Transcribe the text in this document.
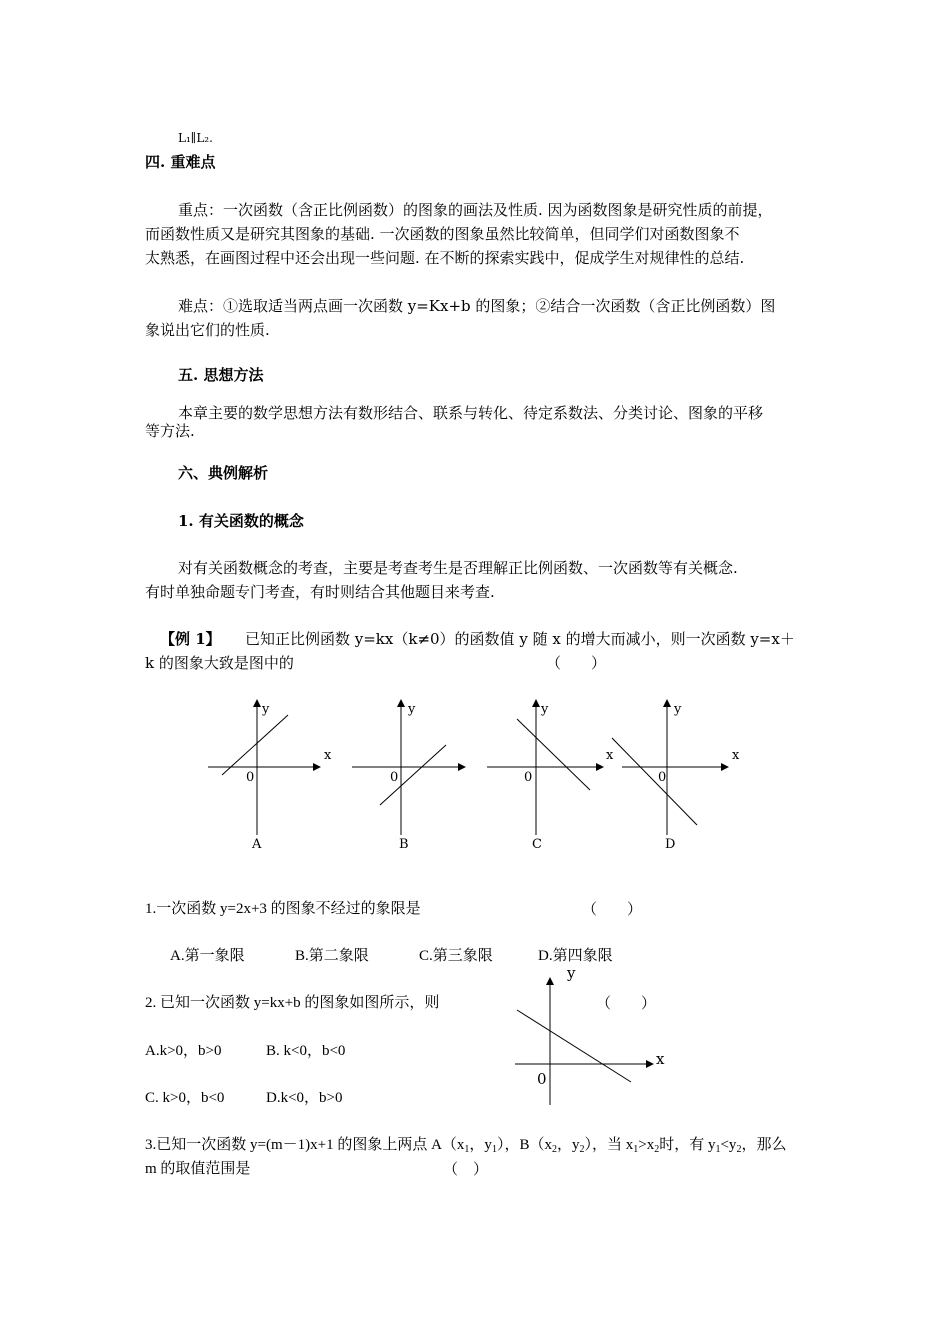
L₁∥L₂.
四. 重难点
重点：一次函数（含正比例函数）的图象的画法及性质. 因为函数图象是研究性质的前提，
而函数性质又是研究其图象的基础. 一次函数的图象虽然比较简单，但同学们对函数图象不
太熟悉，在画图过程中还会出现一些问题. 在不断的探索实践中，促成学生对规律性的总结.
难点：①选取适当两点画一次函数 y=Kx+b 的图象；②结合一次函数（含正比例函数）图
象说出它们的性质.
五. 思想方法
本章主要的数学思想方法有数形结合、联系与转化、待定系数法、分类讨论、图象的平移
等方法.
六、典例解析
1. 有关函数的概念
对有关函数概念的考查，主要是考查考生是否理解正比例函数、一次函数等有关概念.
有时单独命题专门考查，有时则结合其他题目来考查.
【例 1】 已知正比例函数 y=kx（k≠0）的函数值 y 随 x 的增大而减小，则一次函数 y=x＋
k 的图象大致是图中的	（　　）
x
y
0
A
y
0
B
x
y
0
C
x
y
0
D
1.一次函数 y=2x+3 的图象不经过的象限是	（　　）
A.第一象限	B.第二象限	C.第三象限	D.第四象限
2. 已知一次函数 y=kx+b 的图象如图所示，则	（　　）
A.k>0，b>0	B. k<0，b<0
C. k>0，b<0	D.k<0，b>0
x
y
0
3.已知一次函数 y=(m－1)x+1 的图象上两点 $A(x_1$，$y_1$），$B(x_2$，$y_2$），当 $x_1>x_2$时，有 $y_1<y_2$，那么
m 的取值范围是	（　）
